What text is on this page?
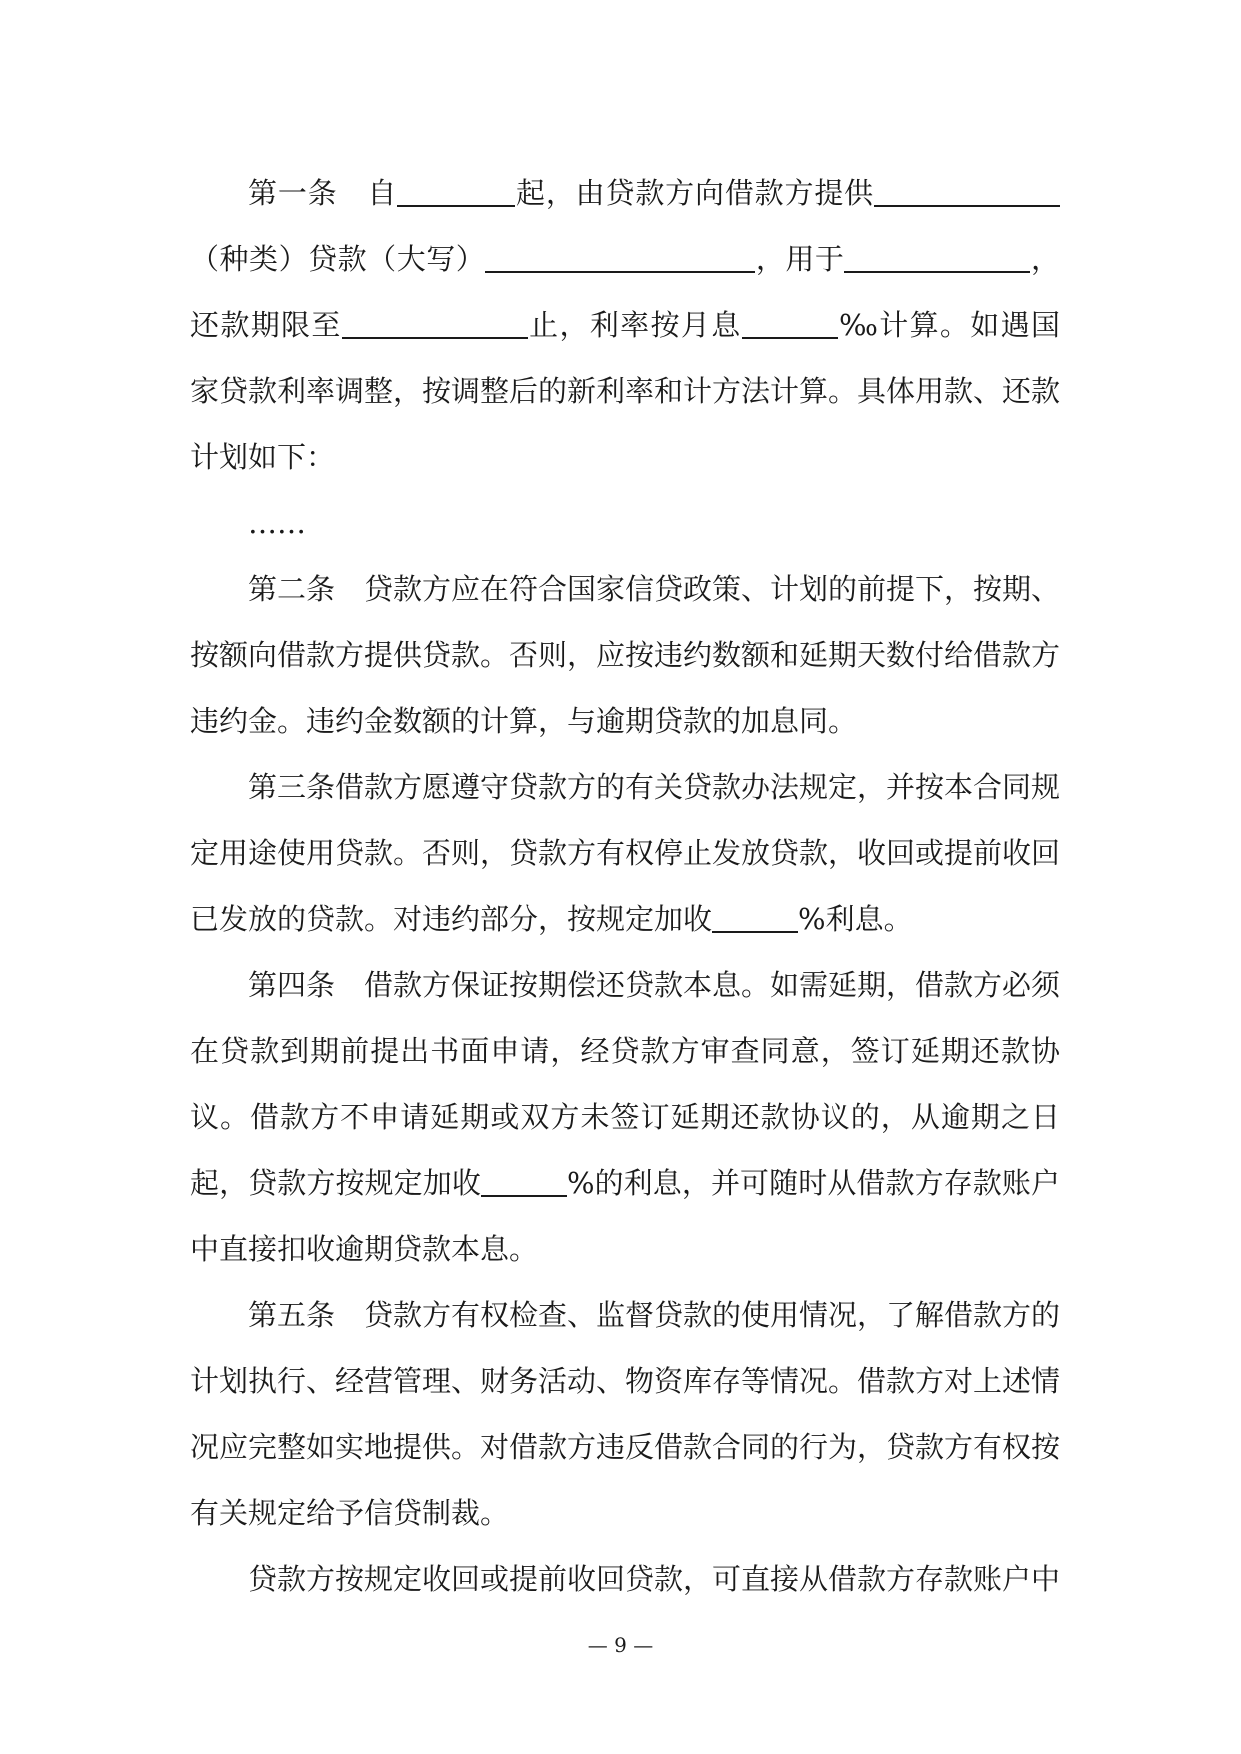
第一条　自	起，由贷款方向借款方提供（种类）贷款（大写）	，用于	，还款期限至	止，利率按月息	‰计算。如遇国家贷款利率调整，按调整后的新利率和计方法计算。具体用款、还款计划如下：

……

第二条　贷款方应在符合国家信贷政策、计划的前提下，按期、按额向借款方提供贷款。否则，应按违约数额和延期天数付给借款方违约金。违约金数额的计算，与逾期贷款的加息同。

第三条借款方愿遵守贷款方的有关贷款办法规定，并按本合同规定用途使用贷款。否则，贷款方有权停止发放贷款，收回或提前收回已发放的贷款。对违约部分，按规定加收	%利息。

第四条　借款方保证按期偿还贷款本息。如需延期，借款方必须在贷款到期前提出书面申请，经贷款方审查同意，签订延期还款协议。借款方不申请延期或双方未签订延期还款协议的，从逾期之日起，贷款方按规定加收	%的利息，并可随时从借款方存款账户中直接扣收逾期贷款本息。

第五条　贷款方有权检查、监督贷款的使用情况，了解借款方的计划执行、经营管理、财务活动、物资库存等情况。借款方对上述情况应完整如实地提供。对借款方违反借款合同的行为，贷款方有权按有关规定给予信贷制裁。

贷款方按规定收回或提前收回贷款，可直接从借款方存款账户中

— 9 —
